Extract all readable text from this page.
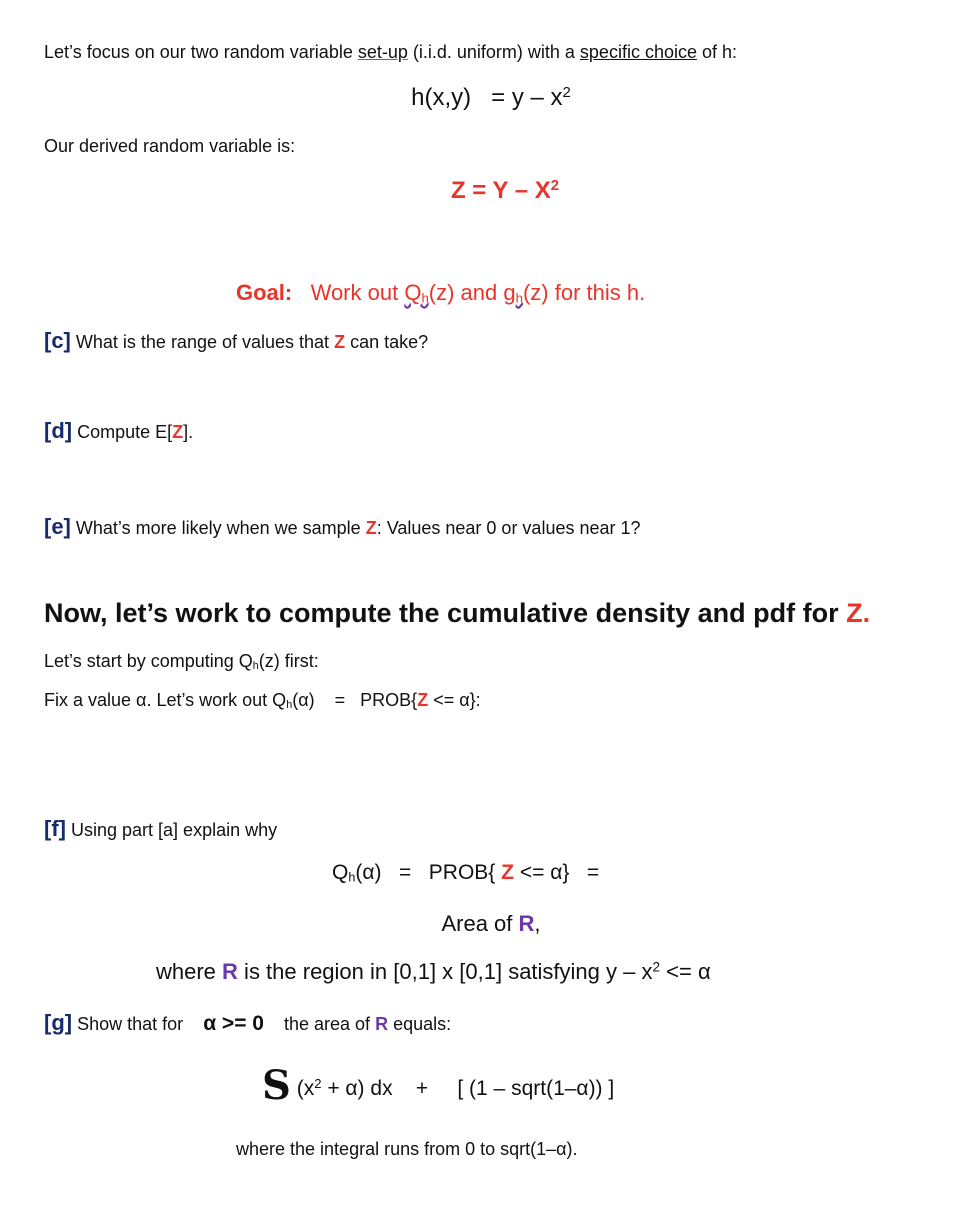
Let’s focus on our two random variable set-up (i.i.d. uniform) with a specific choice of h:
$h(x,y) = y - x^2$
Our derived random variable is:
$Z = Y - X^2$
Goal: Work out $Q_h(z)$ and $g_h(z)$ for this h.
[c] What is the range of values that Z can take?
[d] Compute E[Z].
[e] What’s more likely when we sample Z: Values near 0 or values near 1?
Now, let’s work to compute the cumulative density and pdf for Z.
Let’s start by computing $Q_h(z)$ first:
Fix a value α. Let’s work out $Q_h(\alpha)$ = PROB{Z <= α}:
[f] Using part [a] explain why
$Q_h(\alpha)$ = PROB{ Z <= α} =
Area of R,
where R is the region in [0,1] x [0,1] satisfying $y - x^2 <= \alpha$
[g] Show that for α >= 0 the area of R equals:
S $(x^2 + \alpha)$ dx + [ (1 – sqrt(1–α)) ]
where the integral runs from 0 to sqrt(1–α).
